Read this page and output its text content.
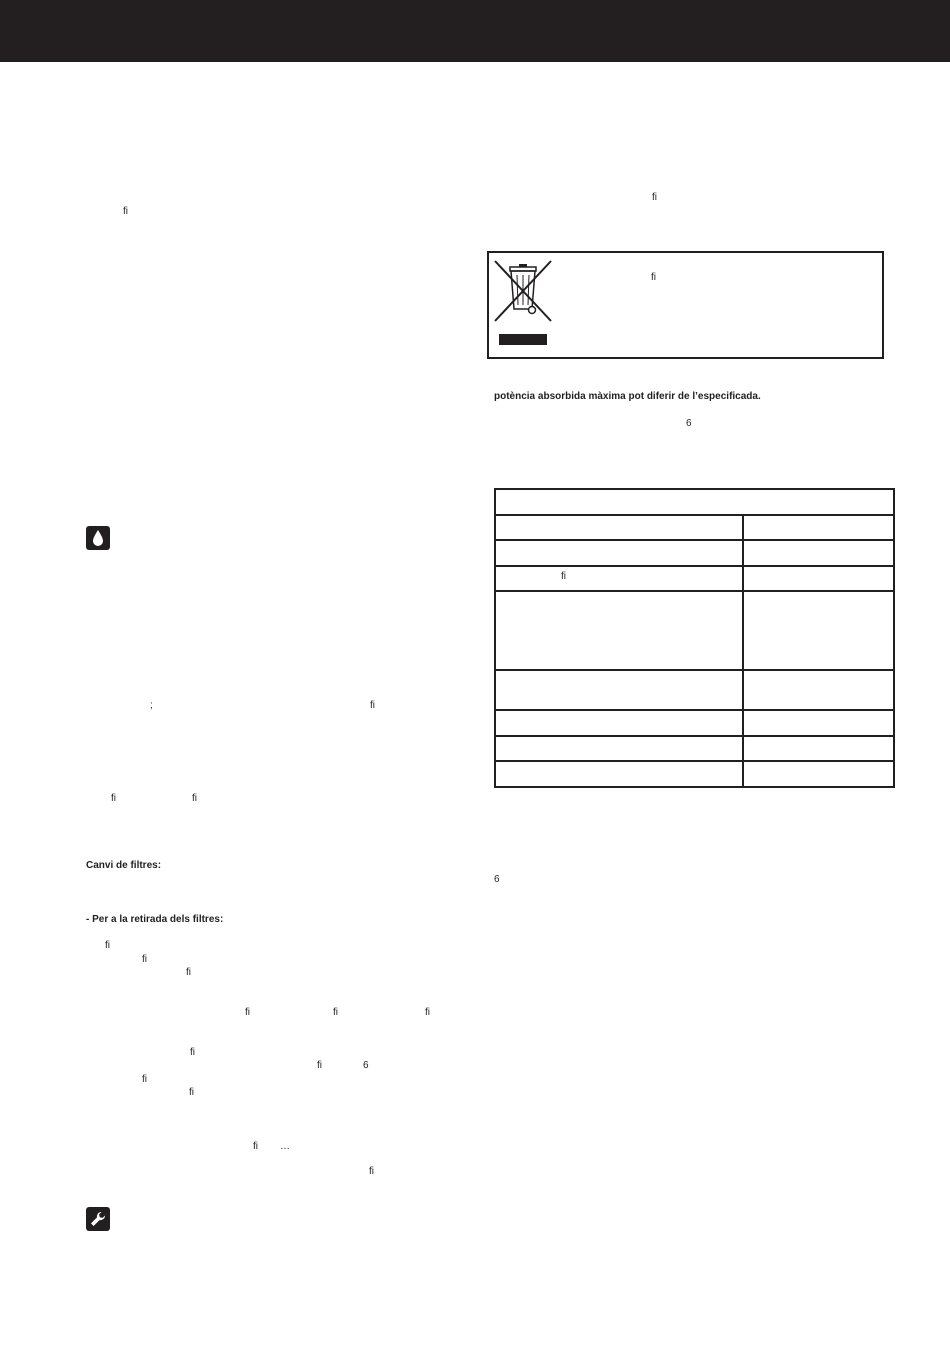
fi
;	fi
fi	fi
Canvi de filtres:
- Per a la retirada dels filtres:
fi
fi
fi
fi	fi	fi
fi
fi	6
fi
fi
fi …
fi
fi
fi
potència absorbida màxima pot diferir de l’especificada.
6

fi	

6
